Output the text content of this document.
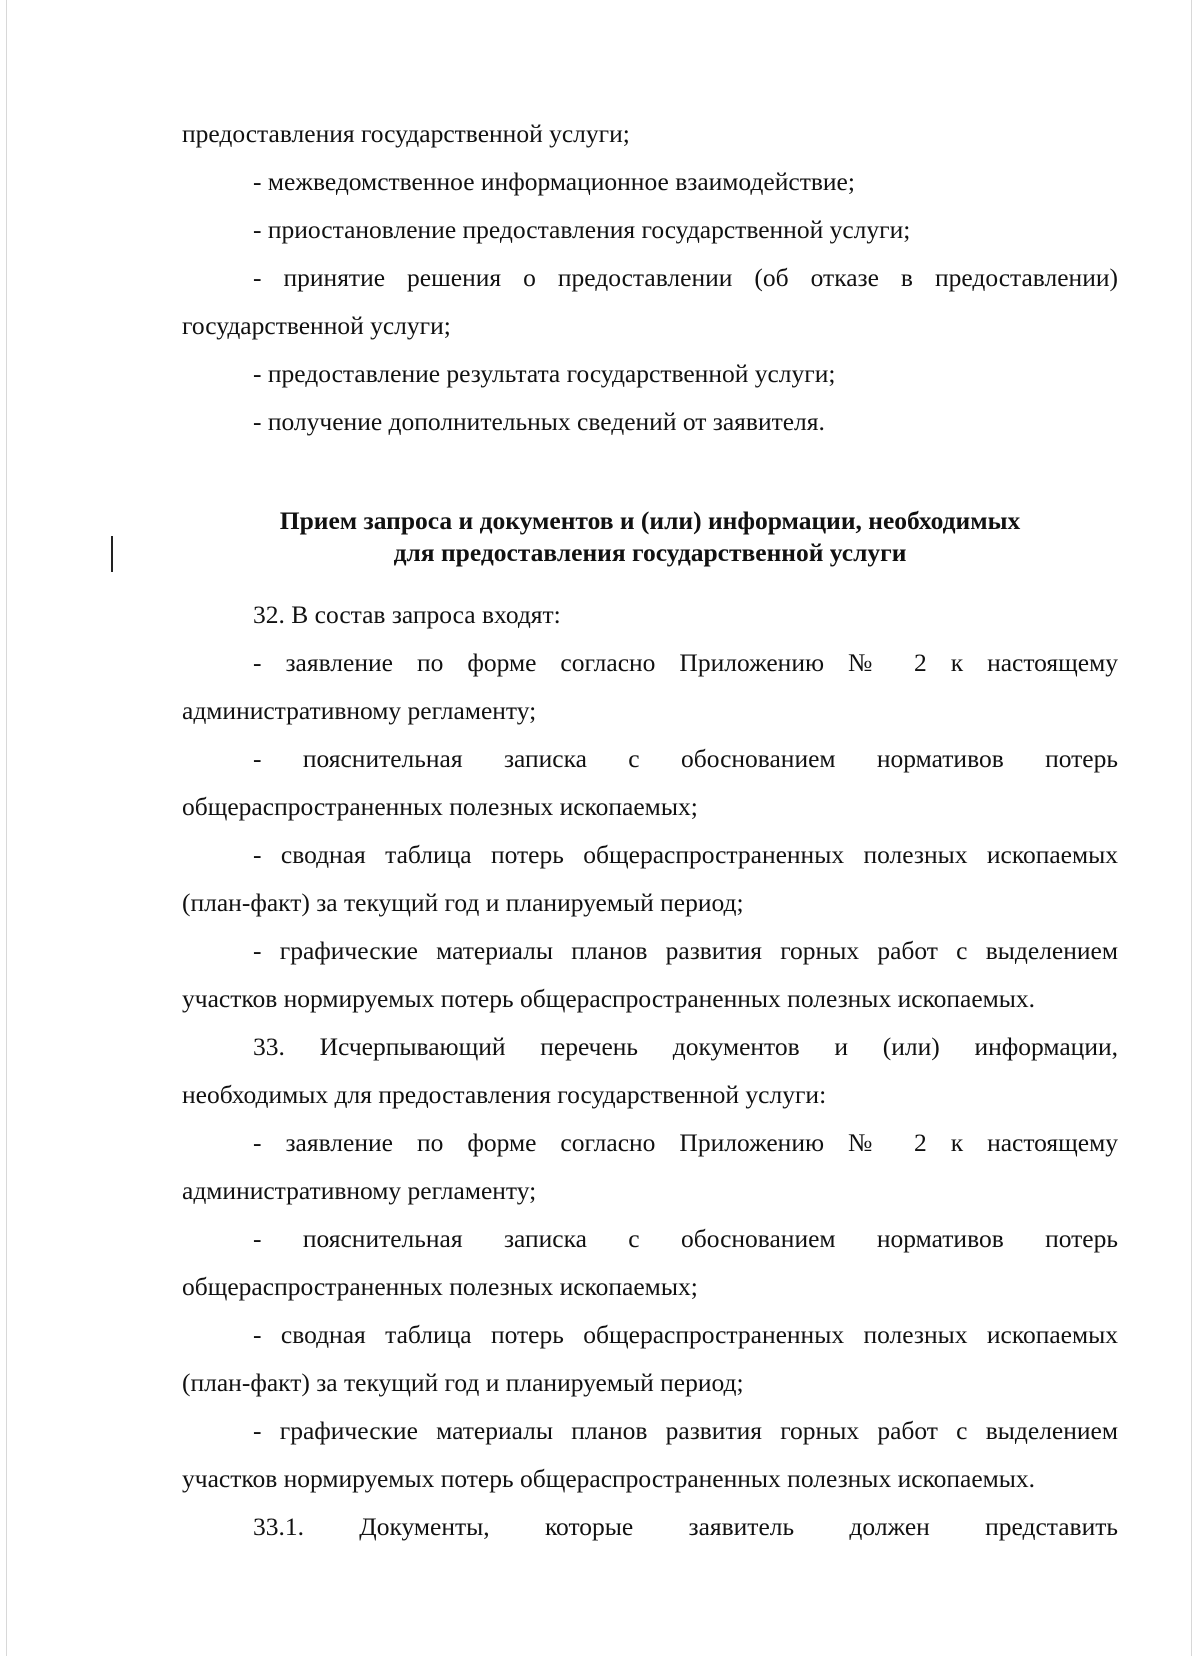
предоставления государственной услуги;
- межведомственное информационное взаимодействие;
- приостановление предоставления государственной услуги;
- принятие решения о предоставлении (об отказе в предоставлении)
государственной услуги;
- предоставление результата государственной услуги;
- получение дополнительных сведений от заявителя.
Прием запроса и документов и (или) информации, необходимых
для предоставления государственной услуги
32. В состав запроса входят:
- заявление по форме согласно Приложению № 2 к настоящему
административному регламенту;
- пояснительная записка с обоснованием нормативов потерь
общераспространенных полезных ископаемых;
- сводная таблица потерь общераспространенных полезных ископаемых
(план-факт) за текущий год и планируемый период;
- графические материалы планов развития горных работ с выделением
участков нормируемых потерь общераспространенных полезных ископаемых.
33. Исчерпывающий перечень документов и (или) информации,
необходимых для предоставления государственной услуги:
- заявление по форме согласно Приложению № 2 к настоящему
административному регламенту;
- пояснительная записка с обоснованием нормативов потерь
общераспространенных полезных ископаемых;
- сводная таблица потерь общераспространенных полезных ископаемых
(план-факт) за текущий год и планируемый период;
- графические материалы планов развития горных работ с выделением
участков нормируемых потерь общераспространенных полезных ископаемых.
33.1. Документы, которые заявитель должен представить
